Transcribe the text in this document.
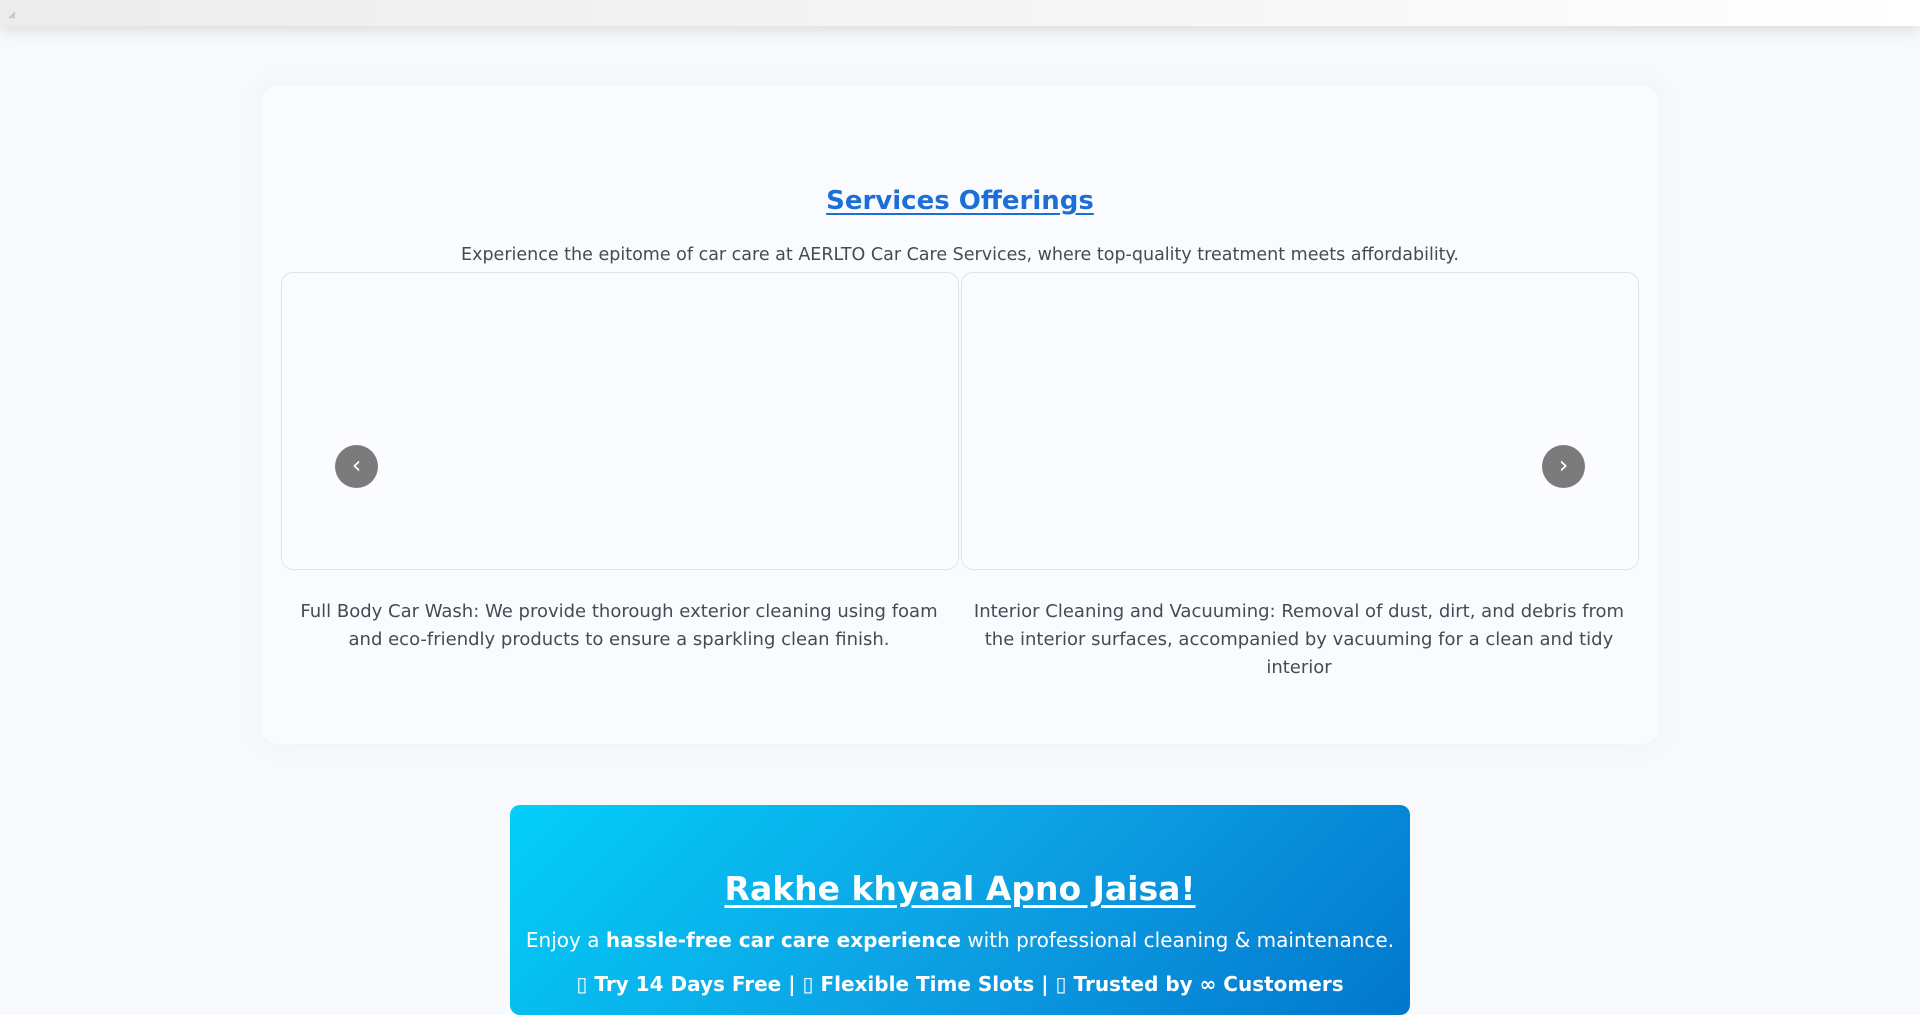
◢
Services Offerings

Experience the epitome of car care at AERLTO Car Care Services, where top-quality treatment meets affordability.

‹	›

Full Body Car Wash: We provide thorough exterior cleaning using foam and eco-friendly products to ensure a sparkling clean finish.

Interior Cleaning and Vacuuming: Removal of dust, dirt, and debris from the interior surfaces, accompanied by vacuuming for a clean and tidy interior

Rakhe khyaal Apno Jaisa!

Enjoy a hassle-free car care experience with professional cleaning & maintenance.

▯ Try 14 Days Free | ▯ Flexible Time Slots | ▯ Trusted by ∞ Customers
